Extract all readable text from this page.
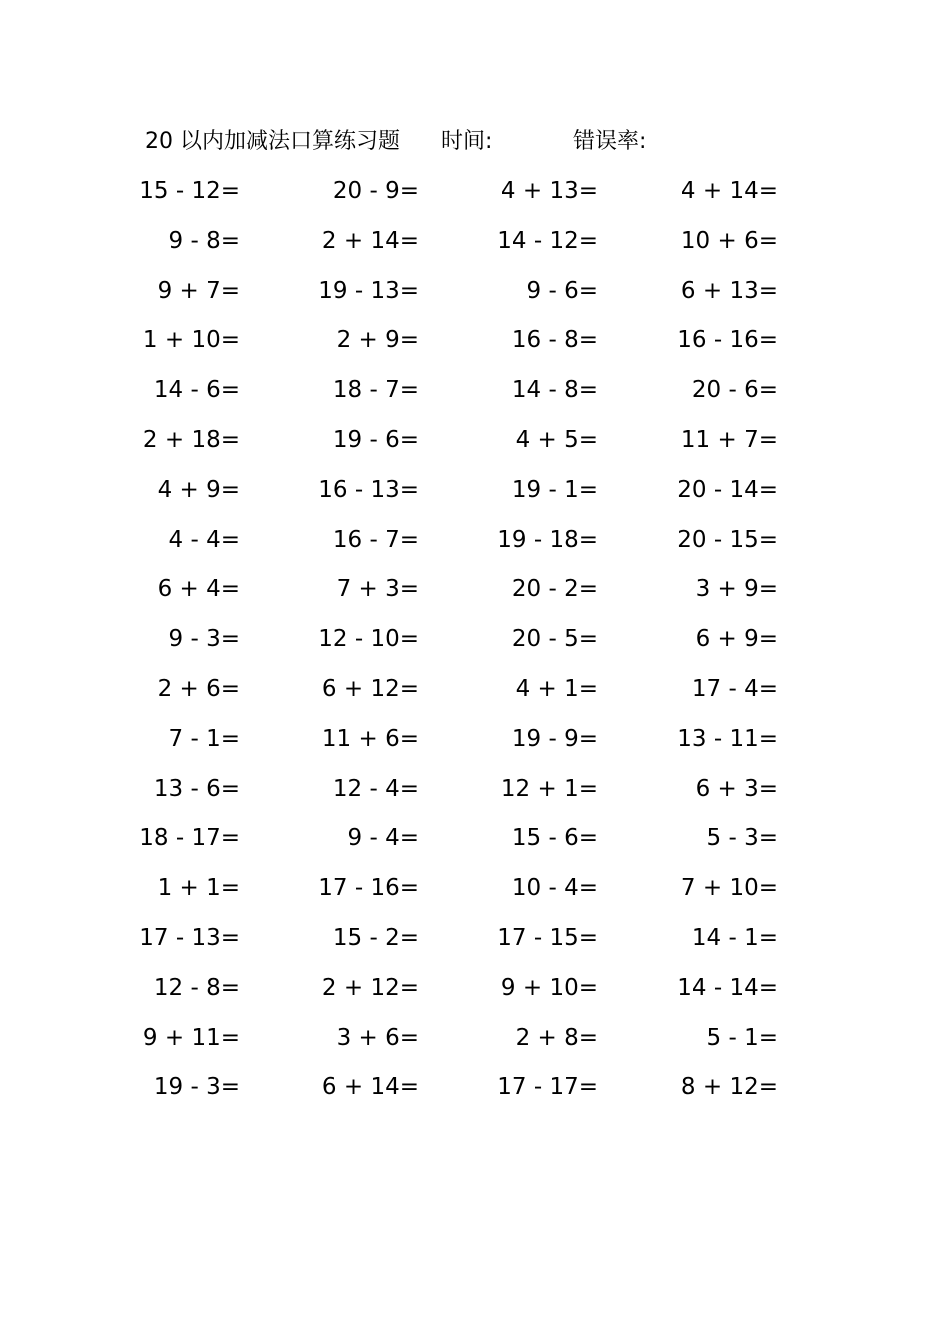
20 以内加减法口算练习题 时间:	错误率:
15 - 12=	20 - 9=	4 + 13=	4 + 14=
9 - 8=	2 + 14=	14 - 12=	10 + 6=
9 + 7=	19 - 13=	9 - 6=	6 + 13=
1 + 10=	2 + 9=	16 - 8=	16 - 16=
14 - 6=	18 - 7=	14 - 8=	20 - 6=
2 + 18=	19 - 6=	4 + 5=	11 + 7=
4 + 9=	16 - 13=	19 - 1=	20 - 14=
4 - 4=	16 - 7=	19 - 18=	20 - 15=
6 + 4=	7 + 3=	20 - 2=	3 + 9=
9 - 3=	12 - 10=	20 - 5=	6 + 9=
2 + 6=	6 + 12=	4 + 1=	17 - 4=
7 - 1=	11 + 6=	19 - 9=	13 - 11=
13 - 6=	12 - 4=	12 + 1=	6 + 3=
18 - 17=	9 - 4=	15 - 6=	5 - 3=
1 + 1=	17 - 16=	10 - 4=	7 + 10=
17 - 13=	15 - 2=	17 - 15=	14 - 1=
12 - 8=	2 + 12=	9 + 10=	14 - 14=
9 + 11=	3 + 6=	2 + 8=	5 - 1=
19 - 3=	6 + 14=	17 - 17=	8 + 12=
